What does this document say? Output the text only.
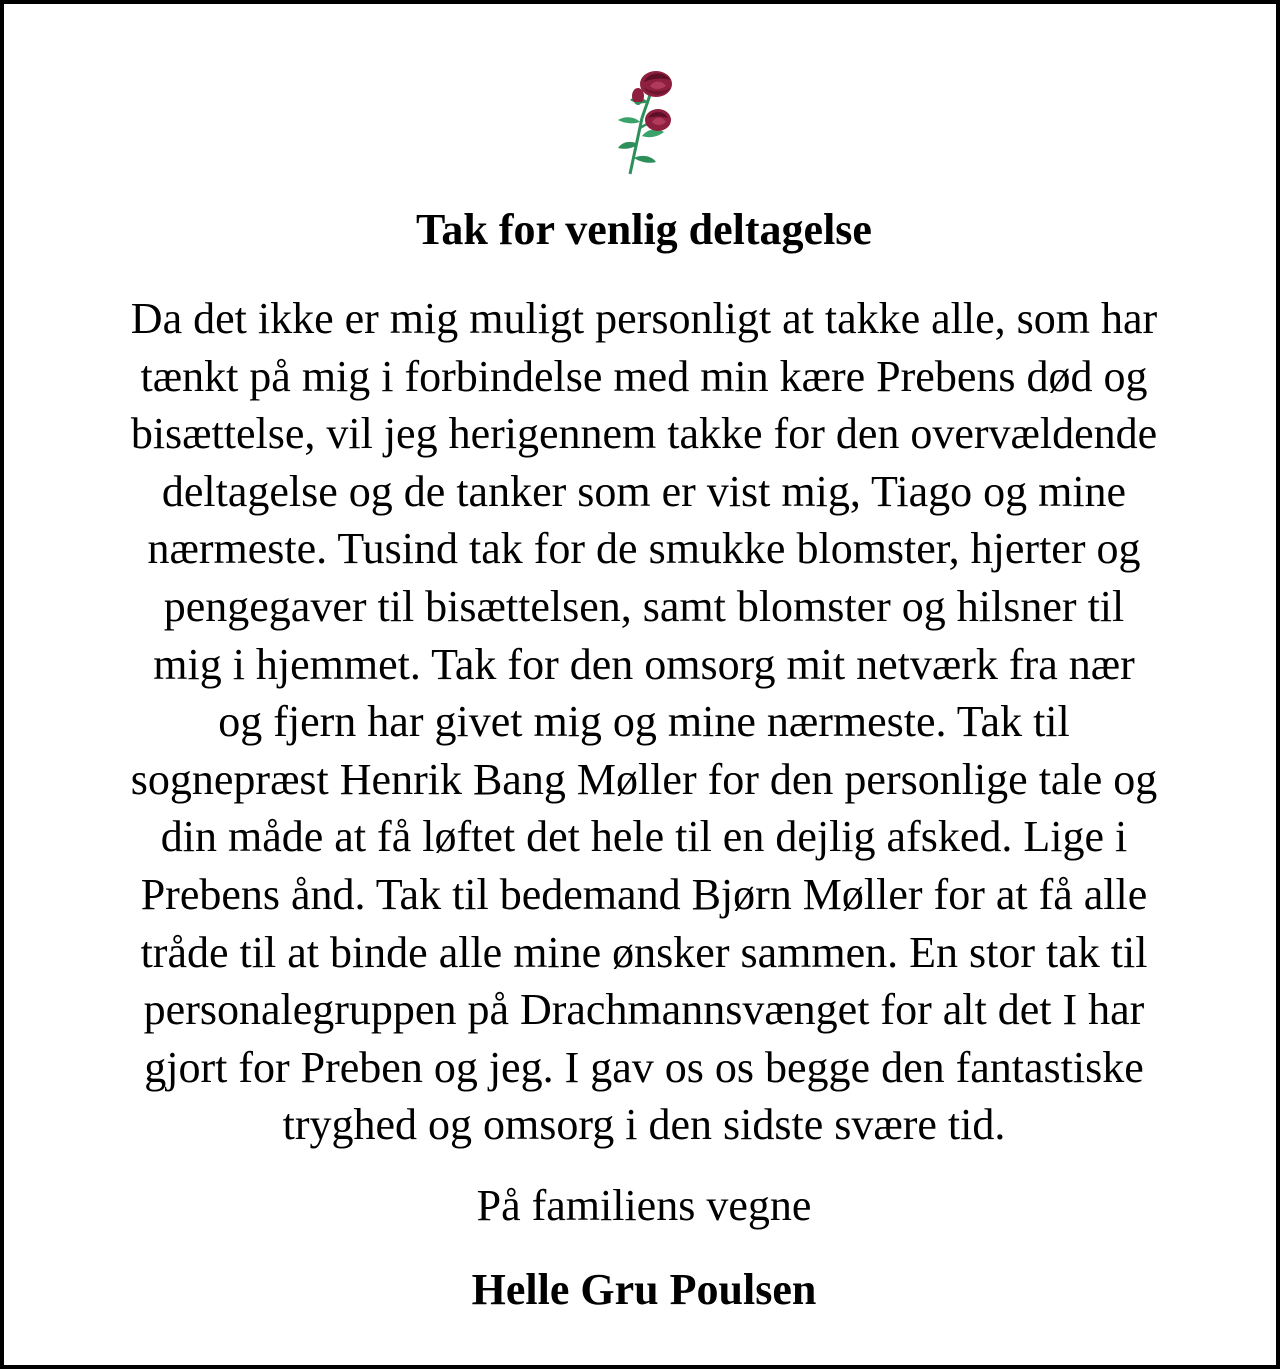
Tak for venlig deltagelse

Da det ikke er mig muligt personligt at takke alle, som har
tænkt på mig i forbindelse med min kære Prebens død og
bisættelse, vil jeg herigennem takke for den overvældende
deltagelse og de tanker som er vist mig, Tiago og mine
nærmeste. Tusind tak for de smukke blomster, hjerter og
pengegaver til bisættelsen, samt blomster og hilsner til
mig i hjemmet. Tak for den omsorg mit netværk fra nær
og fjern har givet mig og mine nærmeste. Tak til
sognepræst Henrik Bang Møller for den personlige tale og
din måde at få løftet det hele til en dejlig afsked. Lige i
Prebens ånd. Tak til bedemand Bjørn Møller for at få alle
tråde til at binde alle mine ønsker sammen. En stor tak til
personalegruppen på Drachmannsvænget for alt det I har
gjort for Preben og jeg. I gav os os begge den fantastiske
tryghed og omsorg i den sidste svære tid.

På familiens vegne

Helle Gru Poulsen
